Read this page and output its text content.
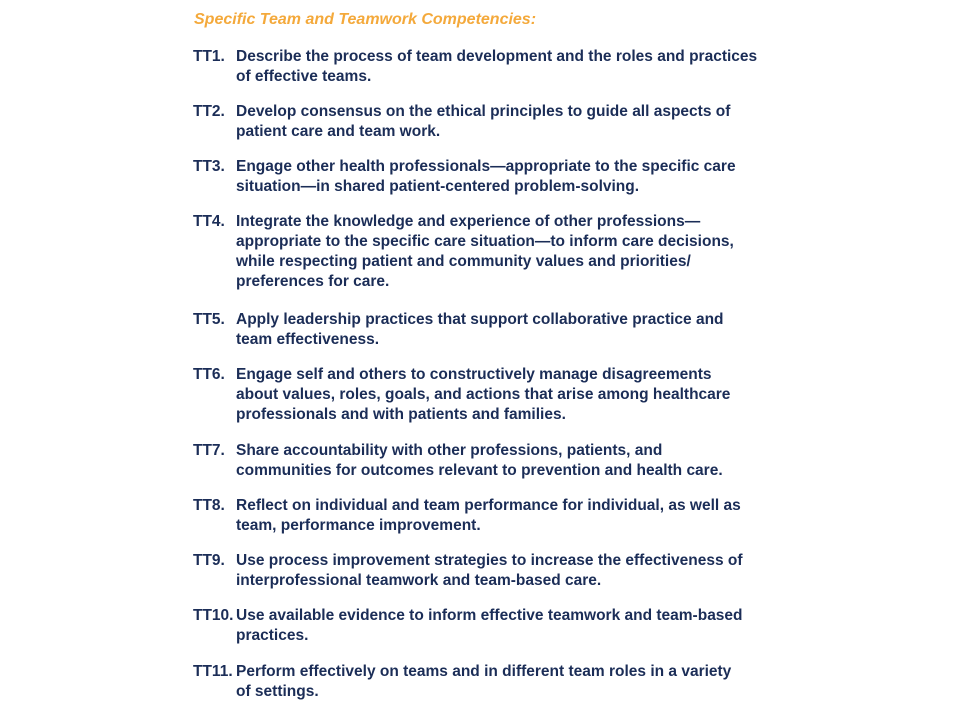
Specific Team and Teamwork Competencies:
TT1. Describe the process of team development and the roles and practices
of effective teams.
TT2. Develop consensus on the ethical principles to guide all aspects of
patient care and team work.
TT3. Engage other health professionals—appropriate to the specific care
situation—in shared patient-centered problem-solving.
TT4. Integrate the knowledge and experience of other professions—
appropriate to the specific care situation—to inform care decisions,
while respecting patient and community values and priorities/
preferences for care.
TT5. Apply leadership practices that support collaborative practice and
team effectiveness.
TT6. Engage self and others to constructively manage disagreements
about values, roles, goals, and actions that arise among healthcare
professionals and with patients and families.
TT7. Share accountability with other professions, patients, and
communities for outcomes relevant to prevention and health care.
TT8. Reflect on individual and team performance for individual, as well as
team, performance improvement.
TT9. Use process improvement strategies to increase the effectiveness of
interprofessional teamwork and team-based care.
TT10. Use available evidence to inform effective teamwork and team-based
practices.
TT11. Perform effectively on teams and in different team roles in a variety
of settings.
